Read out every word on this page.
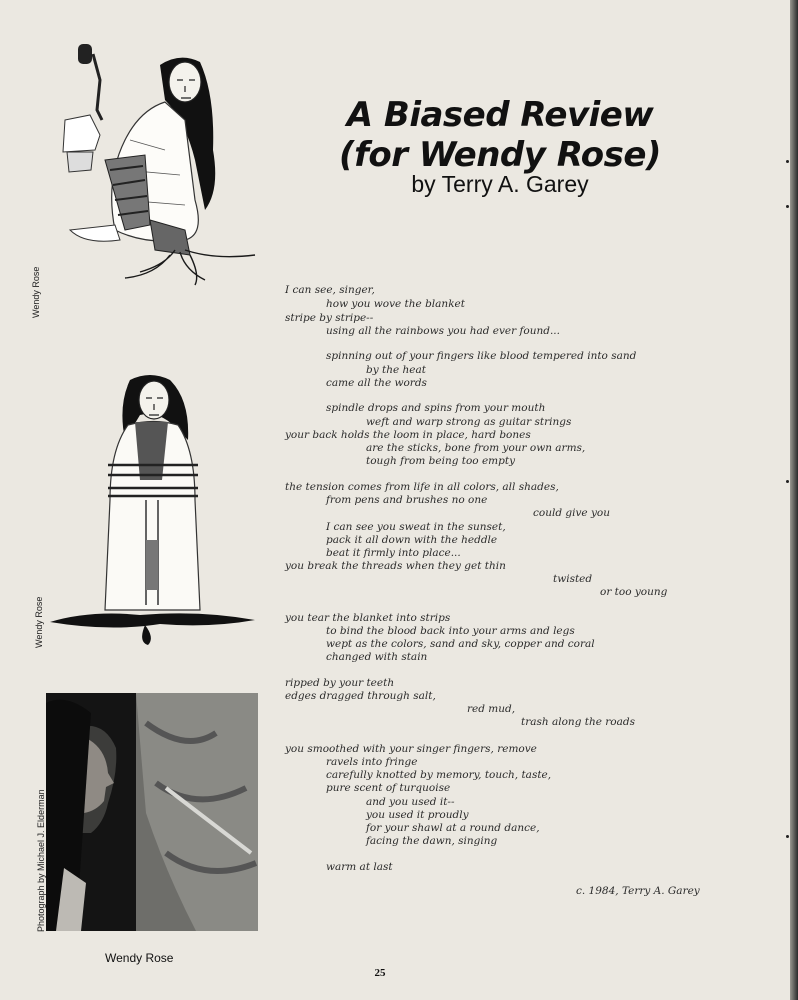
Wendy Rose
Wendy Rose
Photograph by Michael J. Elderman
A Biased Review
(for Wendy Rose)
by Terry A. Garey
I can see, singer,
how you wove the blanket
stripe by stripe--
using all the rainbows you had ever found...
spinning out of your fingers like blood tempered into sand
by the heat
came all the words
spindle drops and spins from your mouth
weft and warp strong as guitar strings
your back holds the loom in place, hard bones
are the sticks, bone from your own arms,
tough from being too empty
the tension comes from life in all colors, all shades,
from pens and brushes no one
could give you
I can see you sweat in the sunset,
pack it all down with the heddle
beat it firmly into place...
you break the threads when they get thin
twisted
or too young
you tear the blanket into strips
to bind the blood back into your arms and legs
wept as the colors, sand and sky, copper and coral
changed with stain
ripped by your teeth
edges dragged through salt,
red mud,
trash along the roads
you smoothed with your singer fingers, remove
ravels into fringe
carefully knotted by memory, touch, taste,
pure scent of turquoise
and you used it--
you used it proudly
for your shawl at a round dance,
facing the dawn, singing
warm at last
c. 1984, Terry A. Garey
Wendy Rose
25
